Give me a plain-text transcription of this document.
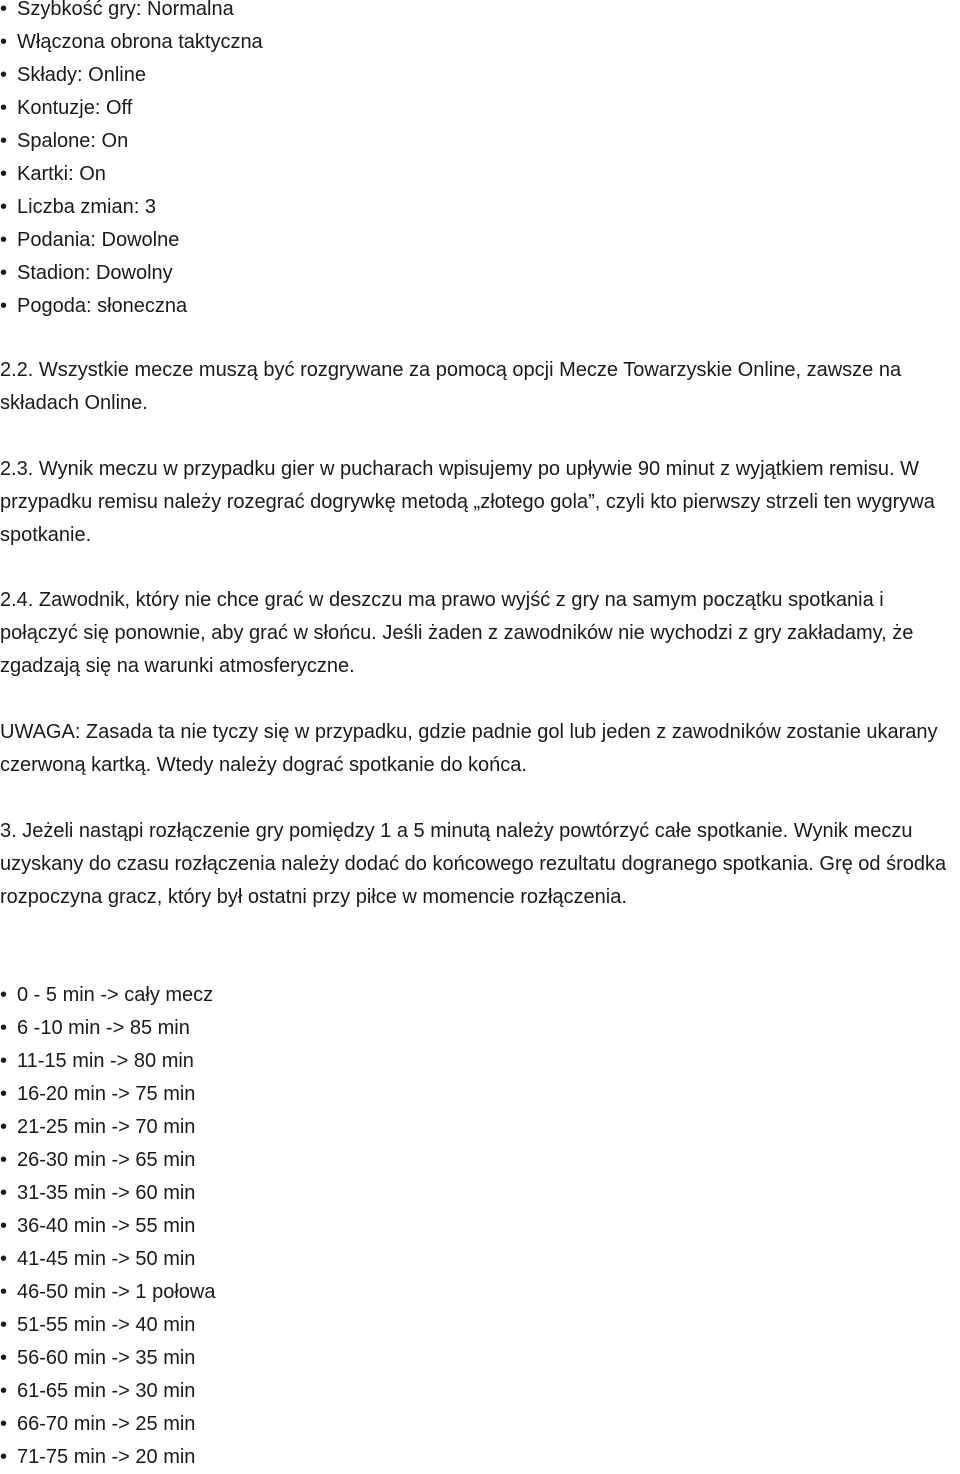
• Szybkość gry: Normalna
• Włączona obrona taktyczna
• Składy: Online
• Kontuzje: Off
• Spalone: On
• Kartki: On
• Liczba zmian: 3
• Podania: Dowolne
• Stadion: Dowolny
• Pogoda: słoneczna

2.2. Wszystkie mecze muszą być rozgrywane za pomocą opcji Mecze Towarzyskie Online, zawsze na składach Online.

2.3. Wynik meczu w przypadku gier w pucharach wpisujemy po upływie 90 minut z wyjątkiem remisu. W przypadku remisu należy rozegrać dogrywkę metodą „złotego gola”, czyli kto pierwszy strzeli ten wygrywa spotkanie.

2.4. Zawodnik, który nie chce grać w deszczu ma prawo wyjść z gry na samym początku spotkania i połączyć się ponownie, aby grać w słońcu. Jeśli żaden z zawodników nie wychodzi z gry zakładamy, że zgadzają się na warunki atmosferyczne.

UWAGA: Zasada ta nie tyczy się w przypadku, gdzie padnie gol lub jeden z zawodników zostanie ukarany czerwoną kartką. Wtedy należy dograć spotkanie do końca.

3. Jeżeli nastąpi rozłączenie gry pomiędzy 1 a 5 minutą należy powtórzyć całe spotkanie. Wynik meczu uzyskany do czasu rozłączenia należy dodać do końcowego rezultatu dogranego spotkania. Grę od środka rozpoczyna gracz, który był ostatni przy piłce w momencie rozłączenia.

• 0 - 5 min -> cały mecz
• 6 -10 min -> 85 min
• 11-15 min -> 80 min
• 16-20 min -> 75 min
• 21-25 min -> 70 min
• 26-30 min -> 65 min
• 31-35 min -> 60 min
• 36-40 min -> 55 min
• 41-45 min -> 50 min
• 46-50 min -> 1 połowa
• 51-55 min -> 40 min
• 56-60 min -> 35 min
• 61-65 min -> 30 min
• 66-70 min -> 25 min
• 71-75 min -> 20 min
